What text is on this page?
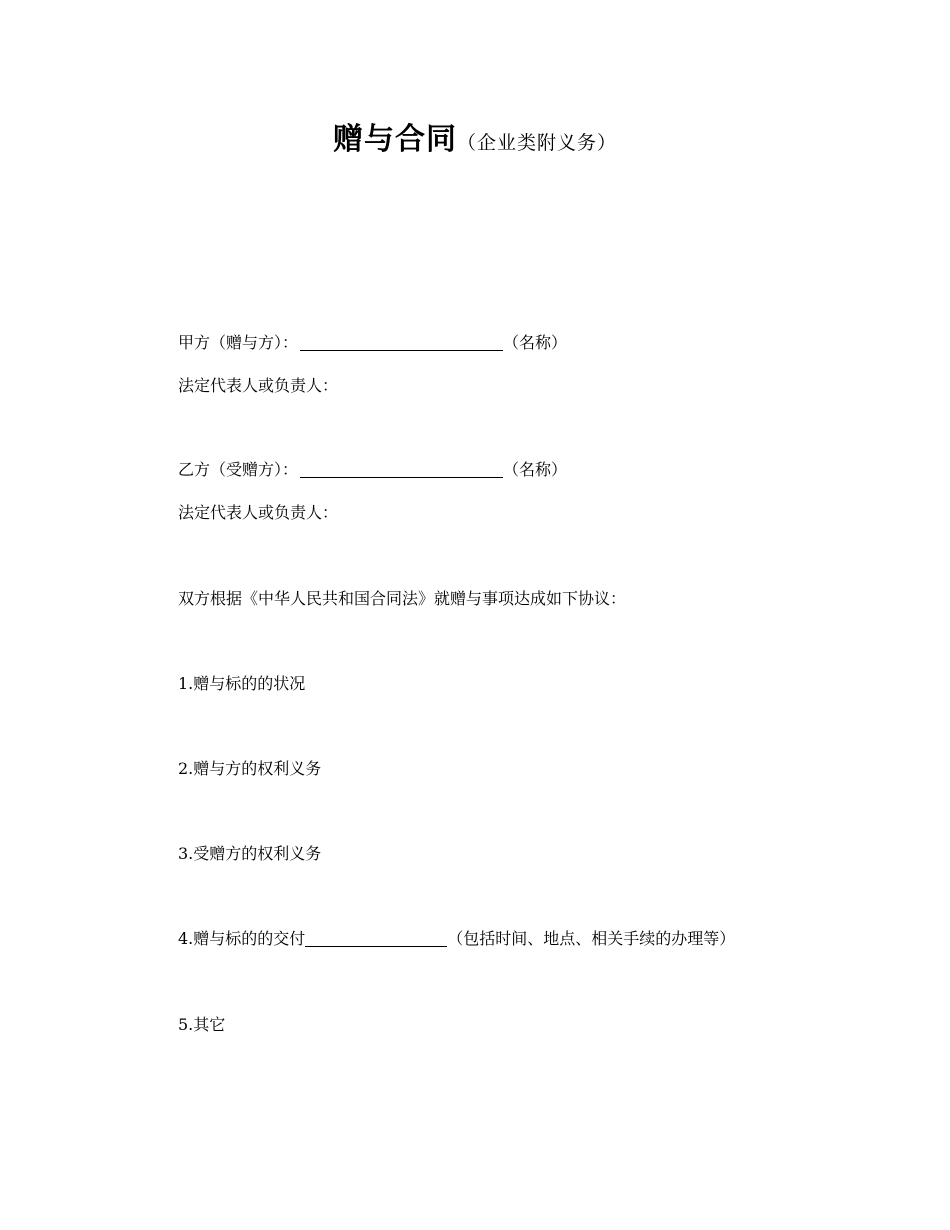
赠与合同（企业类附义务）
甲方（赠与方）：	（名称）
法定代表人或负责人：
乙方（受赠方）：	（名称）
法定代表人或负责人：
双方根据《中华人民共和国合同法》就赠与事项达成如下协议：
1.赠与标的的状况
2.赠与方的权利义务
3.受赠方的权利义务
4.赠与标的的交付	（包括时间、地点、相关手续的办理等）
5.其它
